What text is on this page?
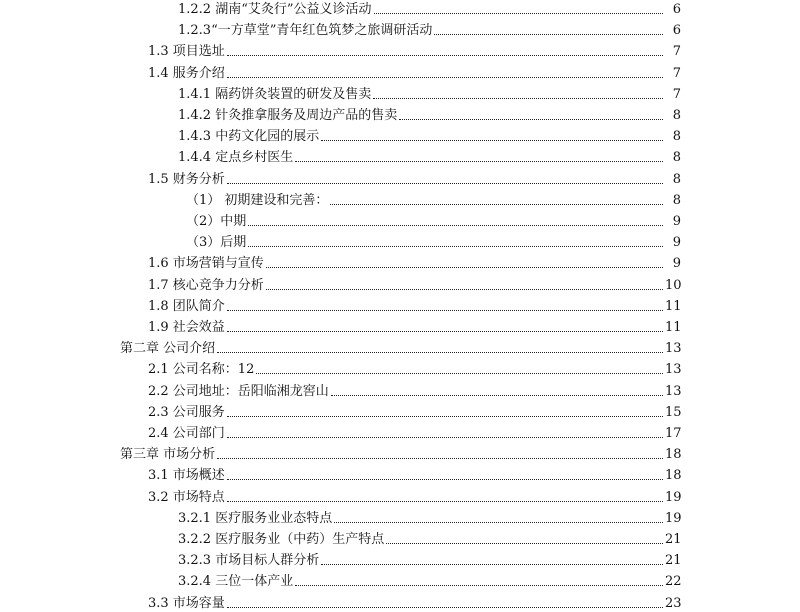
1.2.2 湖南“艾灸行”公益义诊活动	6
1.2.3“一方草堂”青年红色筑梦之旅调研活动	6
1.3 项目选址	7
1.4 服务介绍	7
1.4.1 隔药饼灸装置的研发及售卖	7
1.4.2 针灸推拿服务及周边产品的售卖	8
1.4.3 中药文化园的展示	8
1.4.4 定点乡村医生	8
1.5 财务分析	8
（1） 初期建设和完善：	8
（2）中期	9
（3）后期	9
1.6 市场营销与宣传	9
1.7 核心竞争力分析	10
1.8 团队简介	11
1.9 社会效益	11
第二章 公司介绍	13
2.1 公司名称：12	13
2.2 公司地址：岳阳临湘龙窖山	13
2.3 公司服务	15
2.4 公司部门	17
第三章 市场分析	18
3.1 市场概述	18
3.2 市场特点	19
3.2.1 医疗服务业业态特点	19
3.2.2 医疗服务业（中药）生产特点	21
3.2.3 市场目标人群分析	21
3.2.4 三位一体产业	22
3.3 市场容量	23
